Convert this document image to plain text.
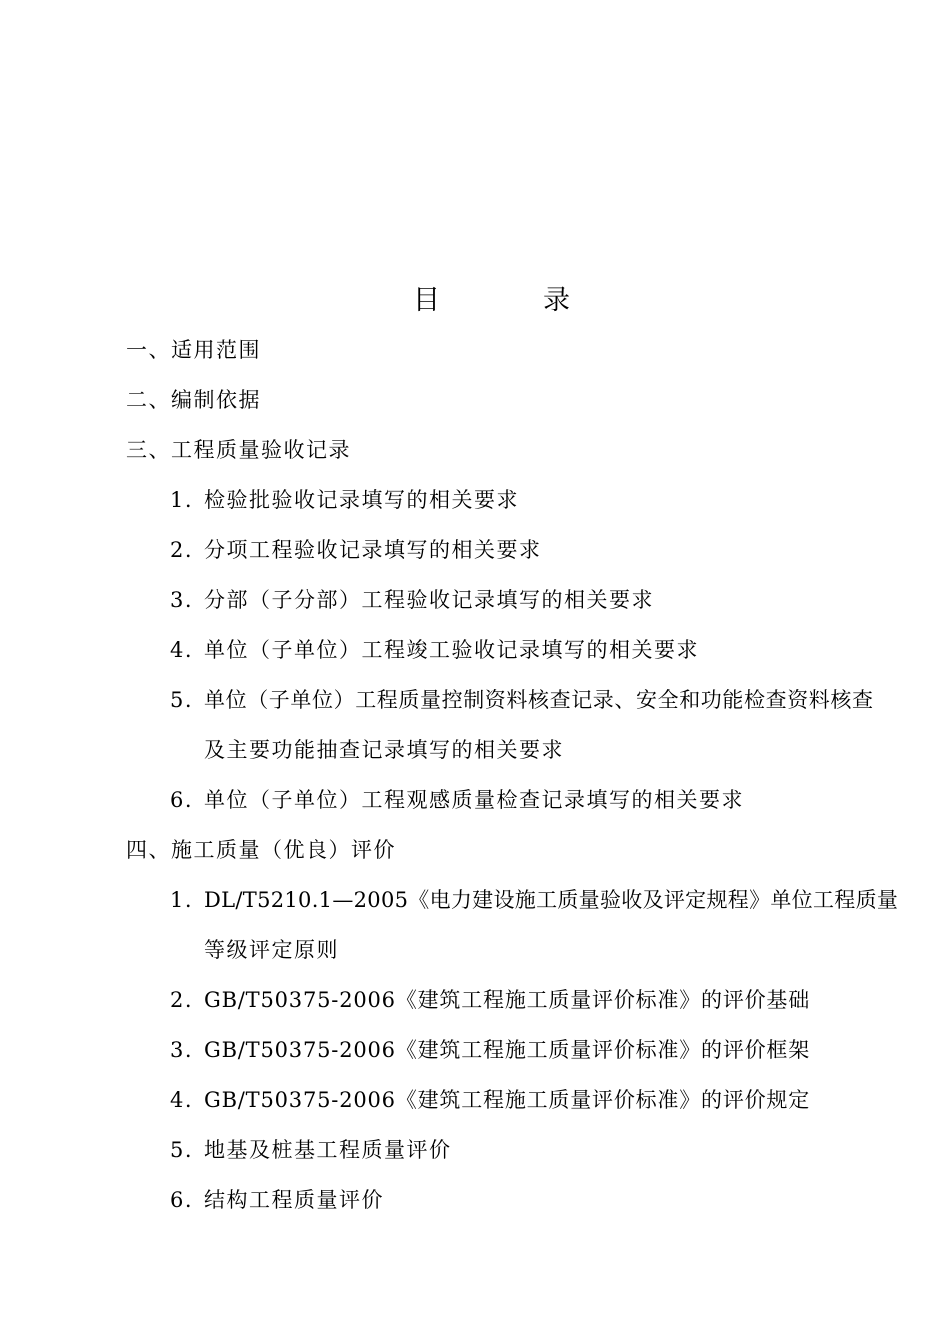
目	录
一、适用范围
二、编制依据
三、工程质量验收记录
1. 检验批验收记录填写的相关要求
2. 分项工程验收记录填写的相关要求
3. 分部（子分部）工程验收记录填写的相关要求
4. 单位（子单位）工程竣工验收记录填写的相关要求
5. 单位（子单位）工程质量控制资料核查记录、安全和功能检查资料核查
及主要功能抽查记录填写的相关要求
6. 单位（子单位）工程观感质量检查记录填写的相关要求
四、施工质量（优良）评价
1. DL/T5210.1—2005《电力建设施工质量验收及评定规程》单位工程质量
等级评定原则
2. GB/T50375-2006《建筑工程施工质量评价标准》的评价基础
3. GB/T50375-2006《建筑工程施工质量评价标准》的评价框架
4. GB/T50375-2006《建筑工程施工质量评价标准》的评价规定
5. 地基及桩基工程质量评价
6. 结构工程质量评价
